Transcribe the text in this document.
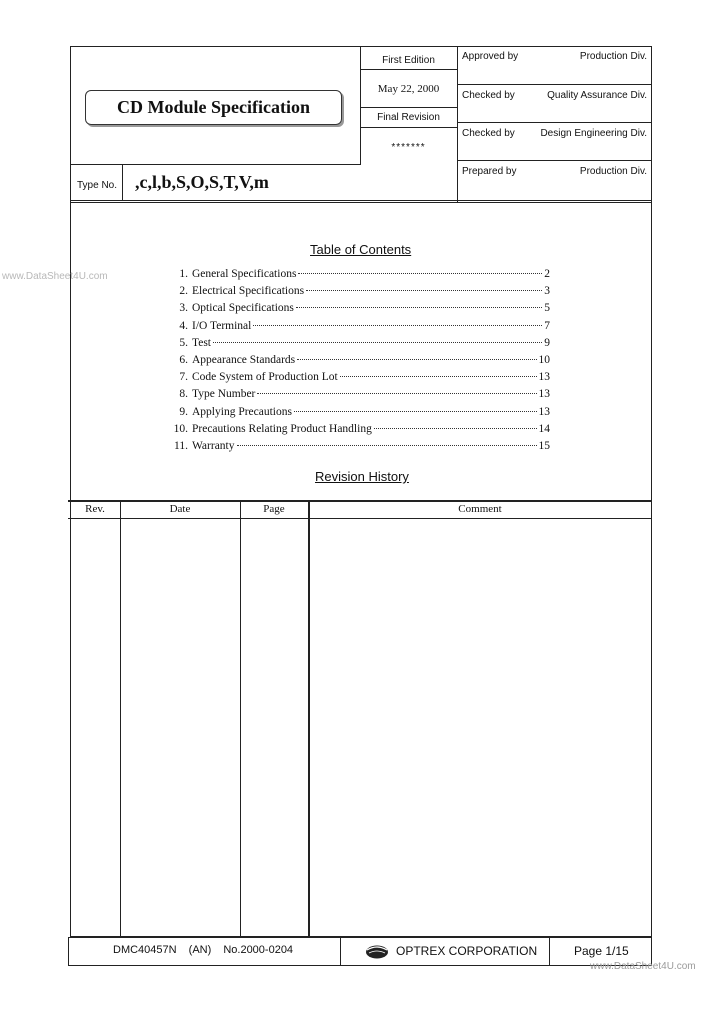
CD Module Specification
Type No. ,c,l,b,S,O,S,T,V,m
First Edition
May 22, 2000
Final Revision
*******
Approved by	Production Div.
Checked by	Quality Assurance Div.
Checked by	Design Engineering Div.
Prepared by	Production Div.
www.DataSheet4U.com
Table of Contents
1. General Specifications	2
2. Electrical Specifications	3
3. Optical Specifications	5
4. I/O Terminal	7
5. Test	9
6. Appearance Standards	10
7. Code System of Production Lot	13
8. Type Number	13
9. Applying Precautions	13
10. Precautions Relating Product Handling	14
11. Warranty	15
Revision History
Rev.	Date	Page	Comment
DMC40457N (AN) No.2000-0204	OPTREX CORPORATION	Page 1/15
www.DataSheet4U.com
